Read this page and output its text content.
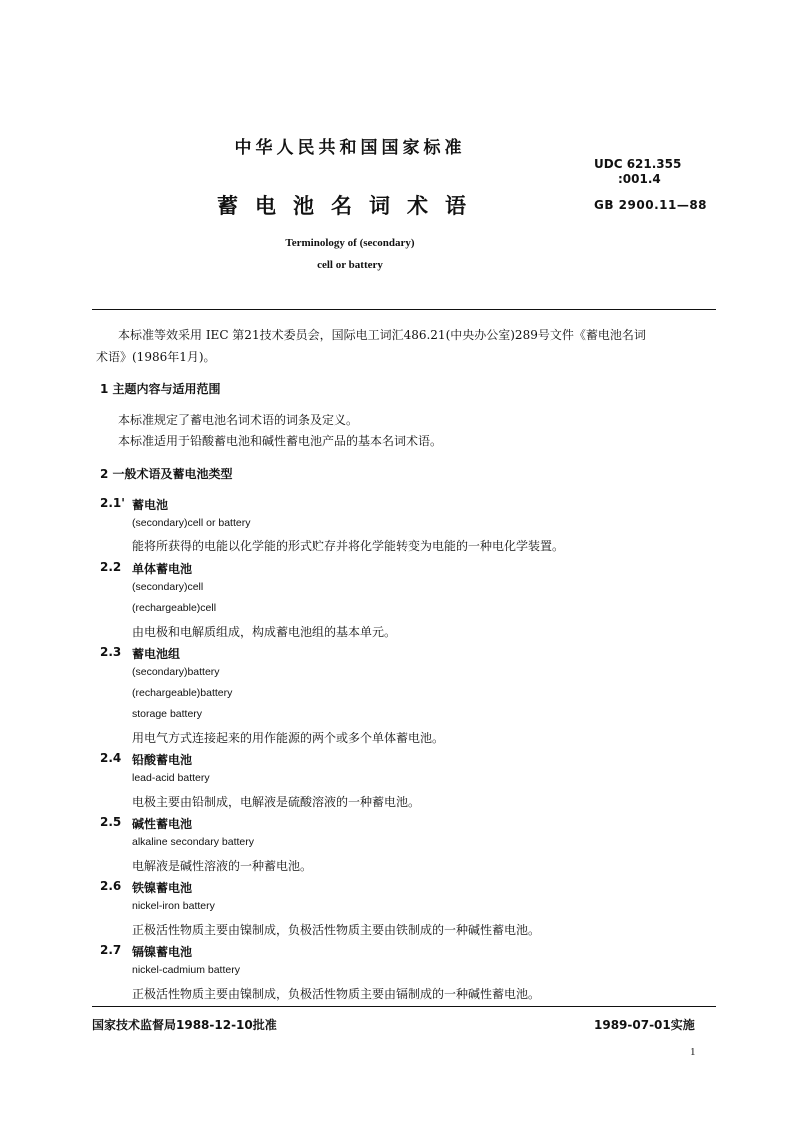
中华人民共和国国家标准
UDC 621.355
:001.4
蓄电池名词术语	GB 2900.11—88
Terminology of (secondary)
cell or battery
本标准等效采用 IEC 第21技术委员会，国际电工词汇486.21(中央办公室)289号文件《蓄电池名词
术语》(1986年1月)。
1 主题内容与适用范围
本标准规定了蓄电池名词术语的词条及定义。
本标准适用于铅酸蓄电池和碱性蓄电池产品的基本名词术语。
2 一般术语及蓄电池类型
2.1' 蓄电池
(secondary)cell or battery
能将所获得的电能以化学能的形式贮存并将化学能转变为电能的一种电化学装置。
2.2 单体蓄电池
(secondary)cell
(rechargeable)cell
由电极和电解质组成，构成蓄电池组的基本单元。
2.3 蓄电池组
(secondary)battery
(rechargeable)battery
storage battery
用电气方式连接起来的用作能源的两个或多个单体蓄电池。
2.4 铅酸蓄电池
lead-acid battery
电极主要由铅制成，电解液是硫酸溶液的一种蓄电池。
2.5 碱性蓄电池
alkaline secondary battery
电解液是碱性溶液的一种蓄电池。
2.6 铁镍蓄电池
nickel-iron battery
正极活性物质主要由镍制成，负极活性物质主要由铁制成的一种碱性蓄电池。
2.7 镉镍蓄电池
nickel-cadmium battery
正极活性物质主要由镍制成，负极活性物质主要由镉制成的一种碱性蓄电池。
国家技术监督局1988-12-10批准	1989-07-01实施
1
